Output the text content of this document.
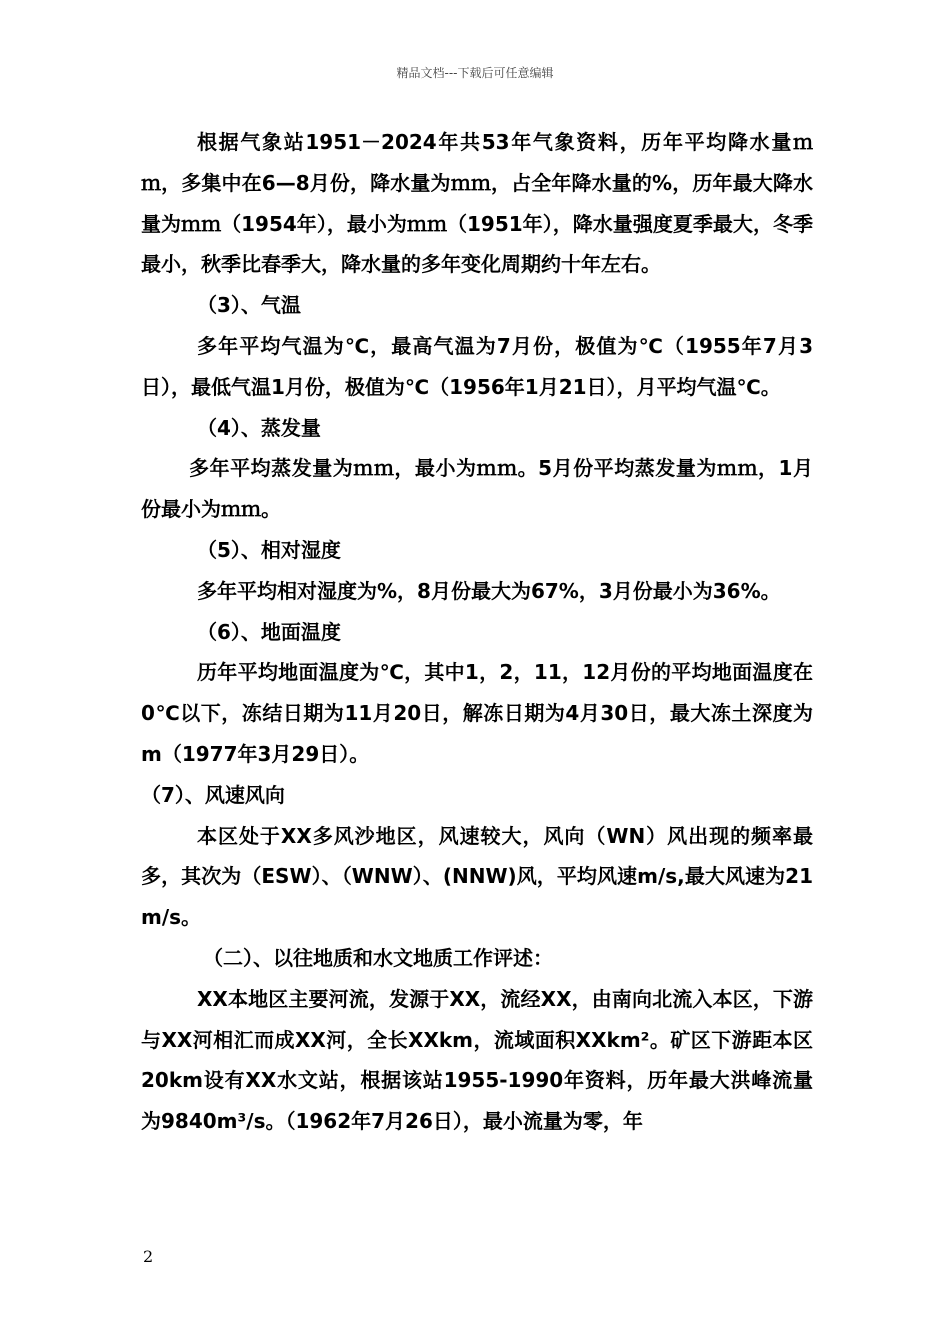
精品文档---下载后可任意编辑

根据气象站1951－2024年共53年气象资料，历年平均降水量ｍｍ，多集中在6—8月份，降水量为ｍｍ，占全年降水量的%，历年最大降水量为ｍｍ（1954年），最小为ｍｍ（1951年），降水量强度夏季最大，冬季最小，秋季比春季大，降水量的多年变化周期约十年左右。

（3）、气温

多年平均气温为℃，最高气温为7月份，极值为℃（1955年7月3日），最低气温1月份，极值为℃（1956年1月21日），月平均气温℃。

（4）、蒸发量

多年平均蒸发量为ｍｍ，最小为ｍｍ。5月份平均蒸发量为ｍｍ，1月份最小为ｍｍ。

（5）、相对湿度

多年平均相对湿度为%，8月份最大为67%，3月份最小为36%。

（6）、地面温度

历年平均地面温度为℃，其中1，2，11，12月份的平均地面温度在0℃以下，冻结日期为11月20日，解冻日期为4月30日，最大冻土深度为m（1977年3月29日）。

（7）、风速风向

本区处于XX多风沙地区，风速较大，风向（WN）风出现的频率最多，其次为（ESW）、（WNW）、(NNW)风，平均风速m/s,最大风速为21m/s。

（二）、以往地质和水文地质工作评述：

XX本地区主要河流，发源于XX，流经XX，由南向北流入本区，下游与XX河相汇而成XX河，全长XXkm，流域面积XXkm²。矿区下游距本区20km设有XX水文站，根据该站1955-1990年资料，历年最大洪峰流量为9840m³/s。（1962年7月26日），最小流量为零，年

2
